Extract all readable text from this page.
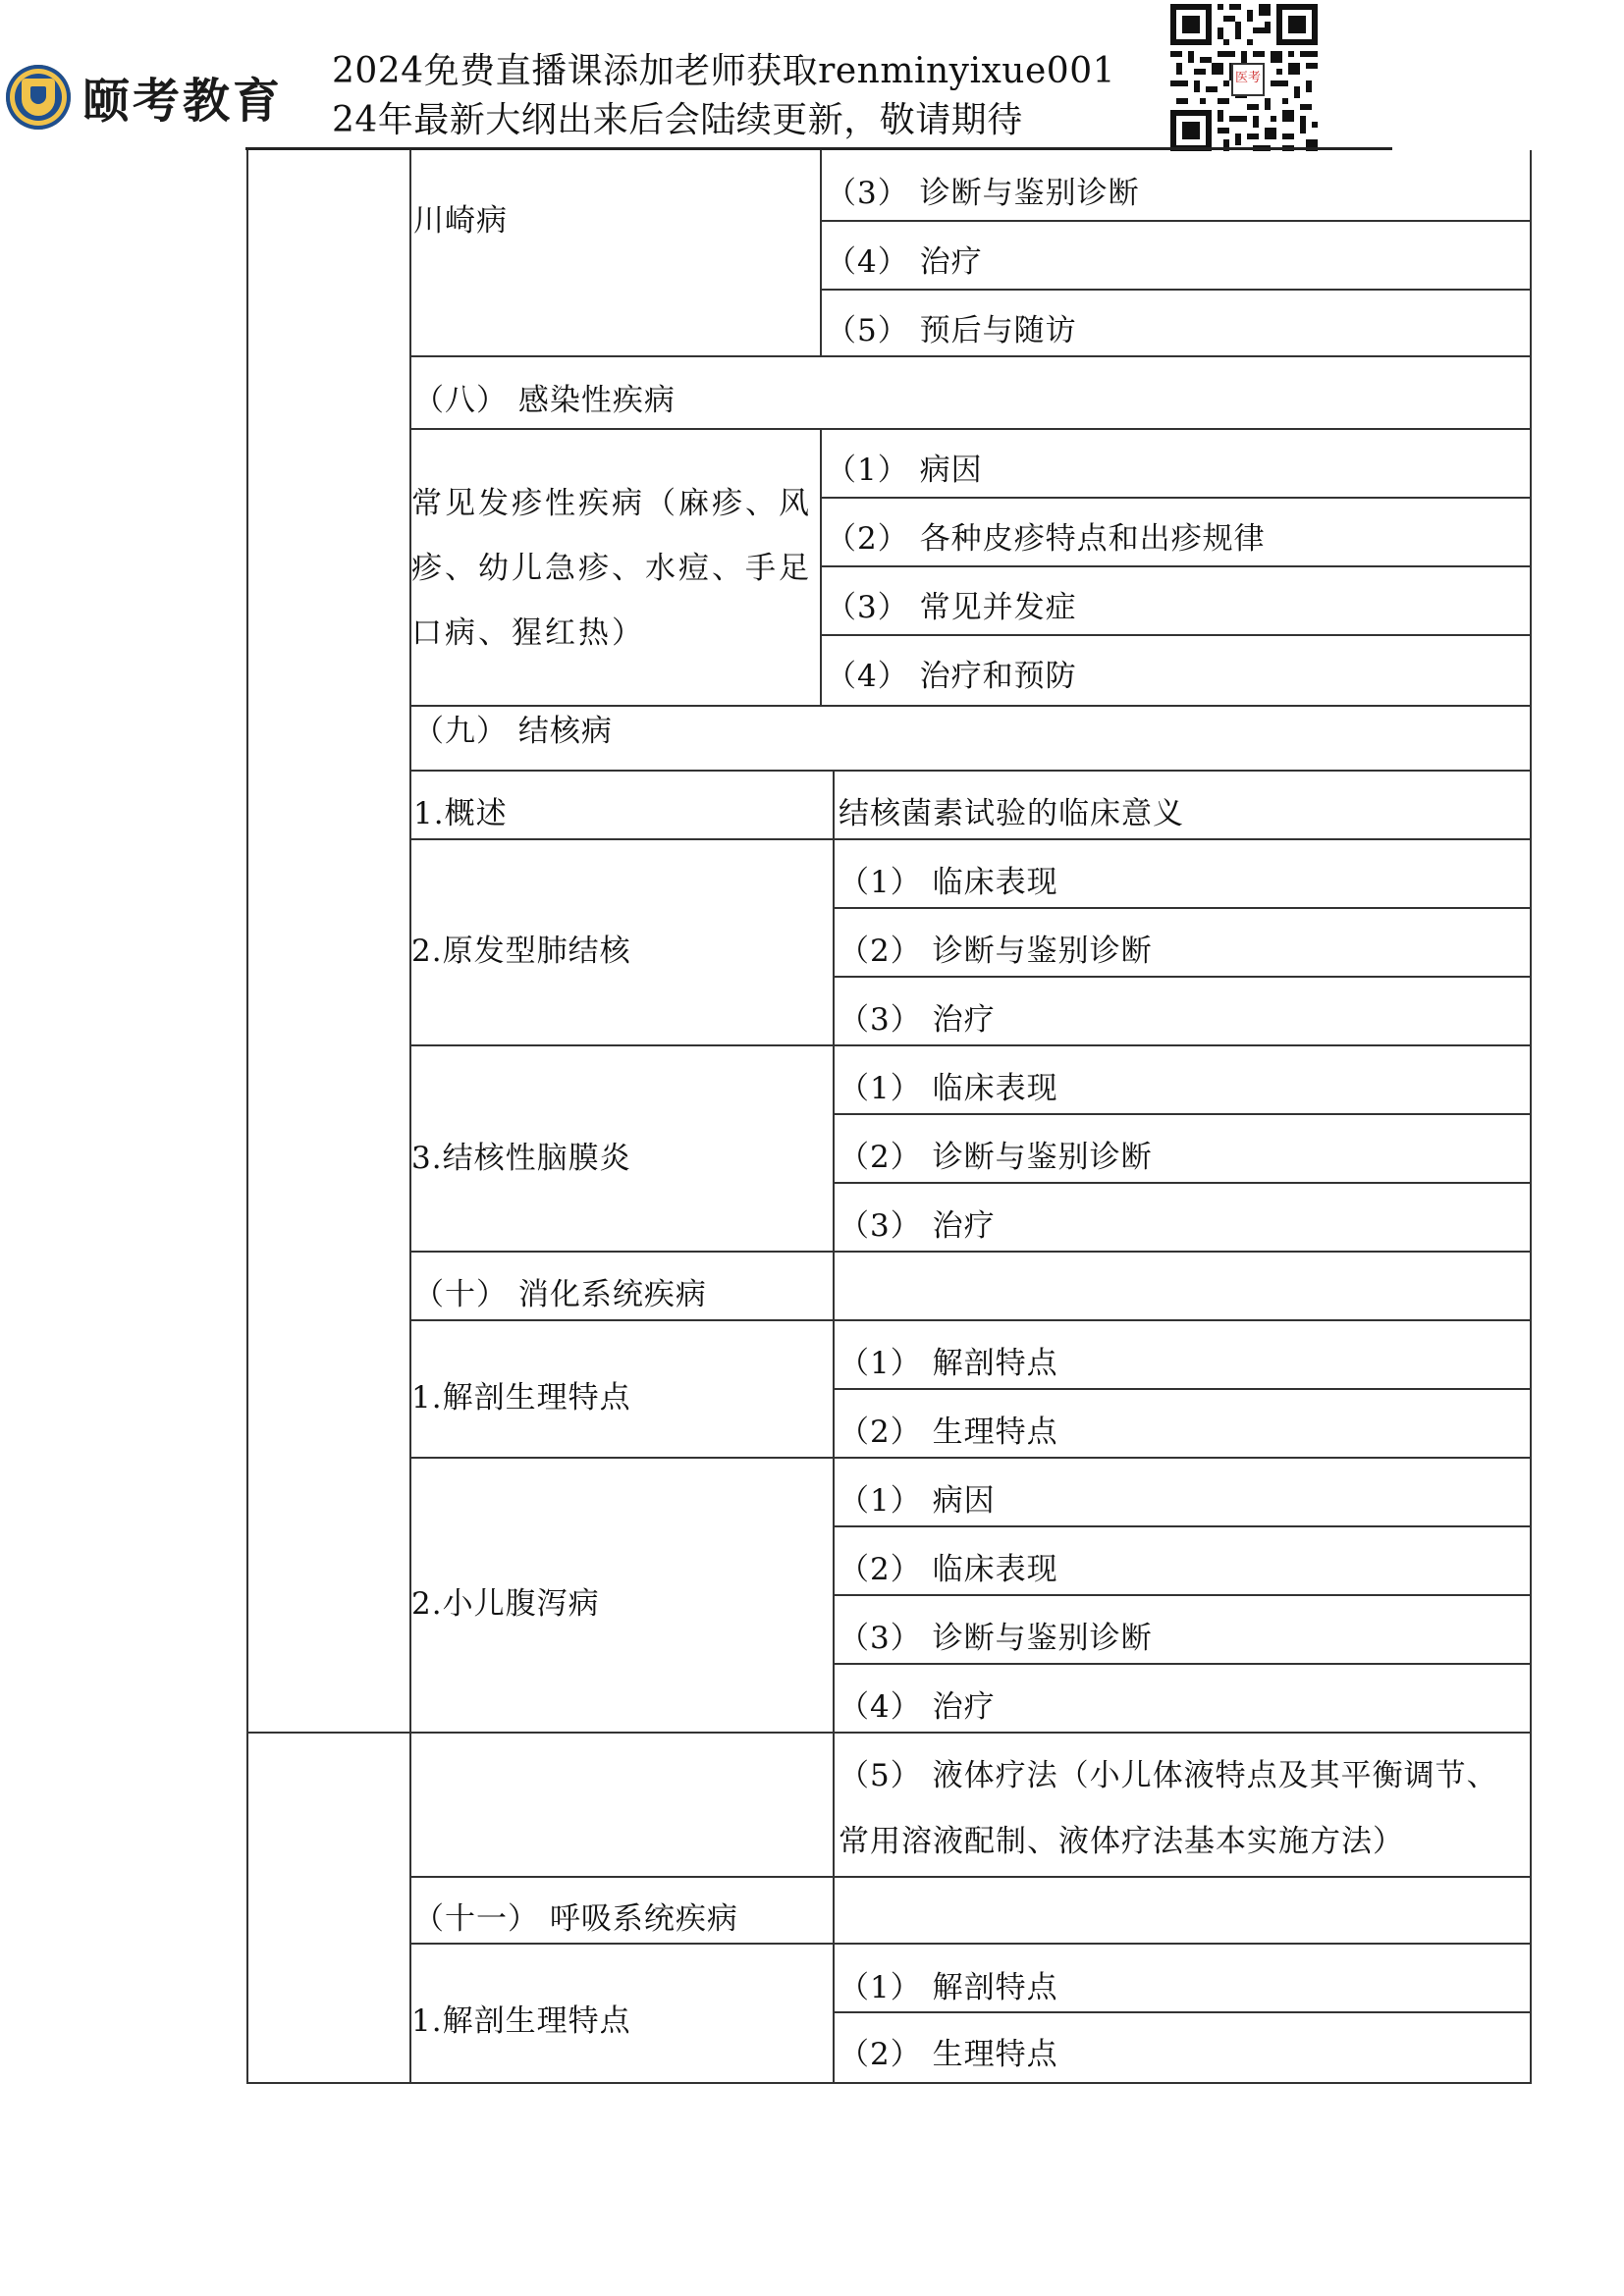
颐考教育
2024免费直播课添加老师获取renminyixue001
24年最新大纲出来后会陆续更新，敬请期待
医考
川崎病
（3） 诊断与鉴别诊断
（4） 治疗
（5） 预后与随访
（八） 感染性疾病
常见发疹性疾病（麻疹、风疹、幼儿急疹、水痘、手足口病、猩红热）
（1） 病因
（2） 各种皮疹特点和出疹规律
（3） 常见并发症
（4） 治疗和预防
（九） 结核病
1.概述	结核菌素试验的临床意义
2.原发型肺结核
（1） 临床表现
（2） 诊断与鉴别诊断
（3） 治疗
3.结核性脑膜炎
（1） 临床表现
（2） 诊断与鉴别诊断
（3） 治疗
（十） 消化系统疾病
1.解剖生理特点
（1） 解剖特点
（2） 生理特点
2.小儿腹泻病
（1） 病因
（2） 临床表现
（3） 诊断与鉴别诊断
（4） 治疗
（5） 液体疗法（小儿体液特点及其平衡调节、
常用溶液配制、液体疗法基本实施方法）
（十一） 呼吸系统疾病
1.解剖生理特点
（1） 解剖特点
（2） 生理特点
